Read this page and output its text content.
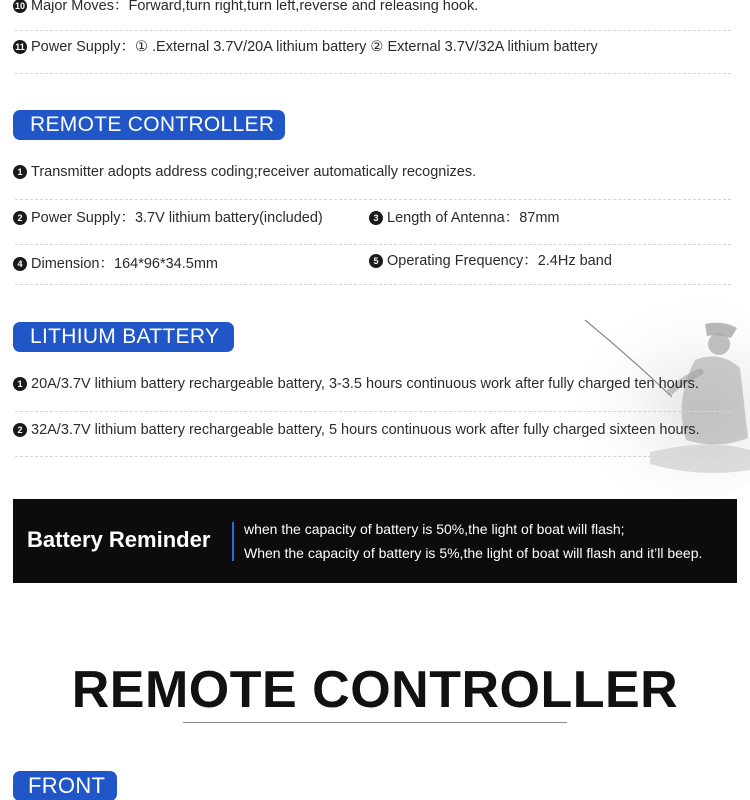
10 Major Moves：Forward,turn right,turn left,reverse and releasing hook.
11 Power Supply：① .External 3.7V/20A lithium battery ② External 3.7V/32A lithium battery
REMOTE CONTROLLER
1 Transmitter adopts address coding;receiver automatically recognizes.
2 Power Supply：3.7V lithium battery(included)	3 Length of Antenna：87mm
4 Dimension：164*96*34.5mm	5 Operating Frequency：2.4Hz band
LITHIUM BATTERY
1 20A/3.7V lithium battery rechargeable battery, 3-3.5 hours continuous work after fully charged ten hours.
2 32A/3.7V lithium battery rechargeable battery, 5 hours continuous work after fully charged sixteen hours.
Battery Reminder when the capacity of battery is 50%,the light of boat will flash;
When the capacity of battery is 5%,the light of boat will flash and it’ll beep.
REMOTE CONTROLLER
FRONT
